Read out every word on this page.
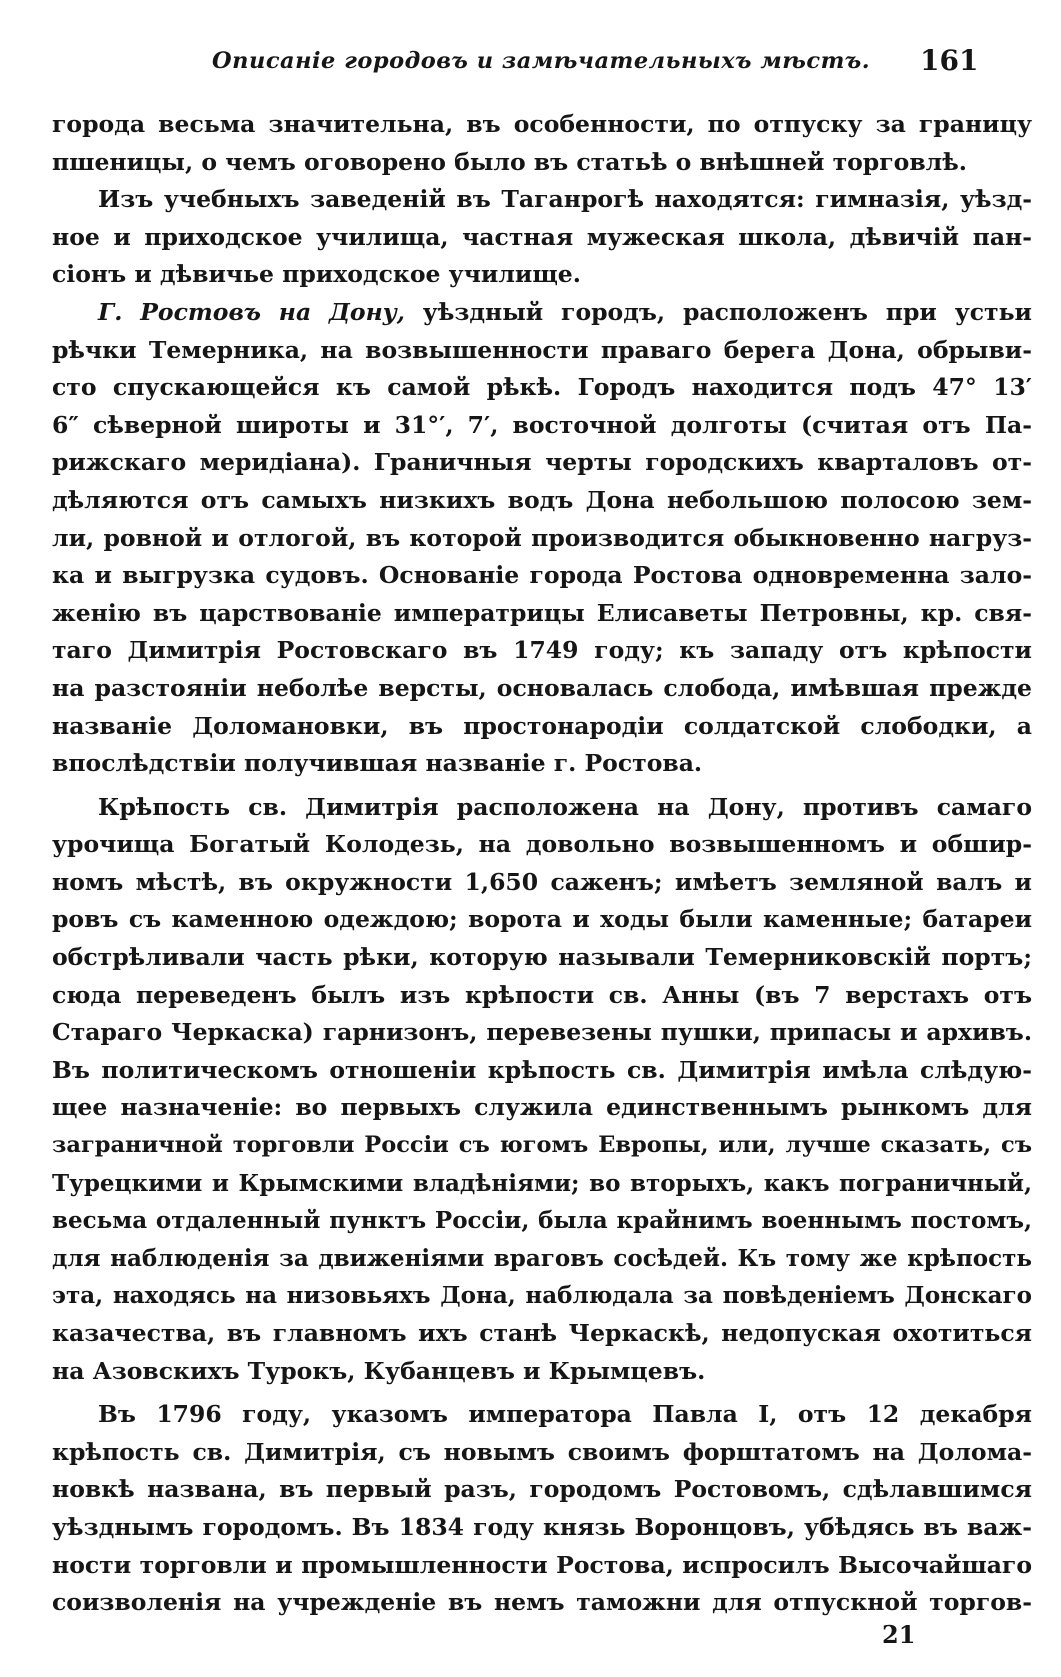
Описаніе городовъ и замѣчательныхъ мѣстъ. 161
города весьма значительна, въ особенности, по отпуску за границу
пшеницы, о чемъ оговорено было въ статьѣ о внѣшней торговлѣ.
Изъ учебныхъ заведеній въ Таганрогѣ находятся: гимназія, уѣзд-
ное и приходское училища, частная мужеская школа, дѣвичій пан-
сіонъ и дѣвичье приходское училище.
Г. Ростовъ на Дону, уѣздный городъ, расположенъ при устьи
рѣчки Темерника, на возвышенности праваго берега Дона, обрыви-
сто спускающейся къ самой рѣкѣ. Городъ находится подъ 47° 13′
6″ сѣверной широты и 31°′, 7′, восточной долготы (считая отъ Па-
рижскаго меридіана). Граничныя черты городскихъ кварталовъ от-
дѣляются отъ самыхъ низкихъ водъ Дона небольшою полосою зем-
ли, ровной и отлогой, въ которой производится обыкновенно нагруз-
ка и выгрузка судовъ. Основаніе города Ростова одновременна зало-
женію въ царствованіе императрицы Елисаветы Петровны, кр. свя-
таго Димитрія Ростовскаго въ 1749 году; къ западу отъ крѣпости
на разстояніи неболѣе версты, основалась слобода, имѣвшая прежде
названіе Доломановки, въ простонародіи солдатской слободки, а
впослѣдствіи получившая названіе г. Ростова.
Крѣпость св. Димитрія расположена на Дону, противъ самаго
урочища Богатый Колодезь, на довольно возвышенномъ и обшир-
номъ мѣстѣ, въ окружности 1,650 саженъ; имѣетъ земляной валъ и
ровъ съ каменною одеждою; ворота и ходы были каменные; батареи
обстрѣливали часть рѣки, которую называли Темерниковскій портъ;
сюда переведенъ былъ изъ крѣпости св. Анны (въ 7 верстахъ отъ
Стараго Черкаска) гарнизонъ, перевезены пушки, припасы и архивъ.
Въ политическомъ отношеніи крѣпость св. Димитрія имѣла слѣдую-
щее назначеніе: во первыхъ служила единственнымъ рынкомъ для
заграничной торговли Россіи съ югомъ Европы, или, лучше сказать, съ
Турецкими и Крымскими владѣніями; во вторыхъ, какъ пограничный,
весьма отдаленный пунктъ Россіи, была крайнимъ военнымъ постомъ,
для наблюденія за движеніями враговъ сосѣдей. Къ тому же крѣпость
эта, находясь на низовьяхъ Дона, наблюдала за повѣденіемъ Донскаго
казачества, въ главномъ ихъ станѣ Черкаскѣ, недопуская охотиться
на Азовскихъ Турокъ, Кубанцевъ и Крымцевъ.
Въ 1796 году, указомъ императора Павла I, отъ 12 декабря
крѣпость св. Димитрія, съ новымъ своимъ форштатомъ на Доломa-
новкѣ названа, въ первый разъ, городомъ Ростовомъ, сдѣлавшимся
уѣзднымъ городомъ. Въ 1834 году князь Воронцовъ, убѣдясь въ важ-
ности торговли и промышленности Ростова, испросилъ Высочайшаго
соизволенія на учрежденіе въ немъ таможни для отпускной торгов-
21
